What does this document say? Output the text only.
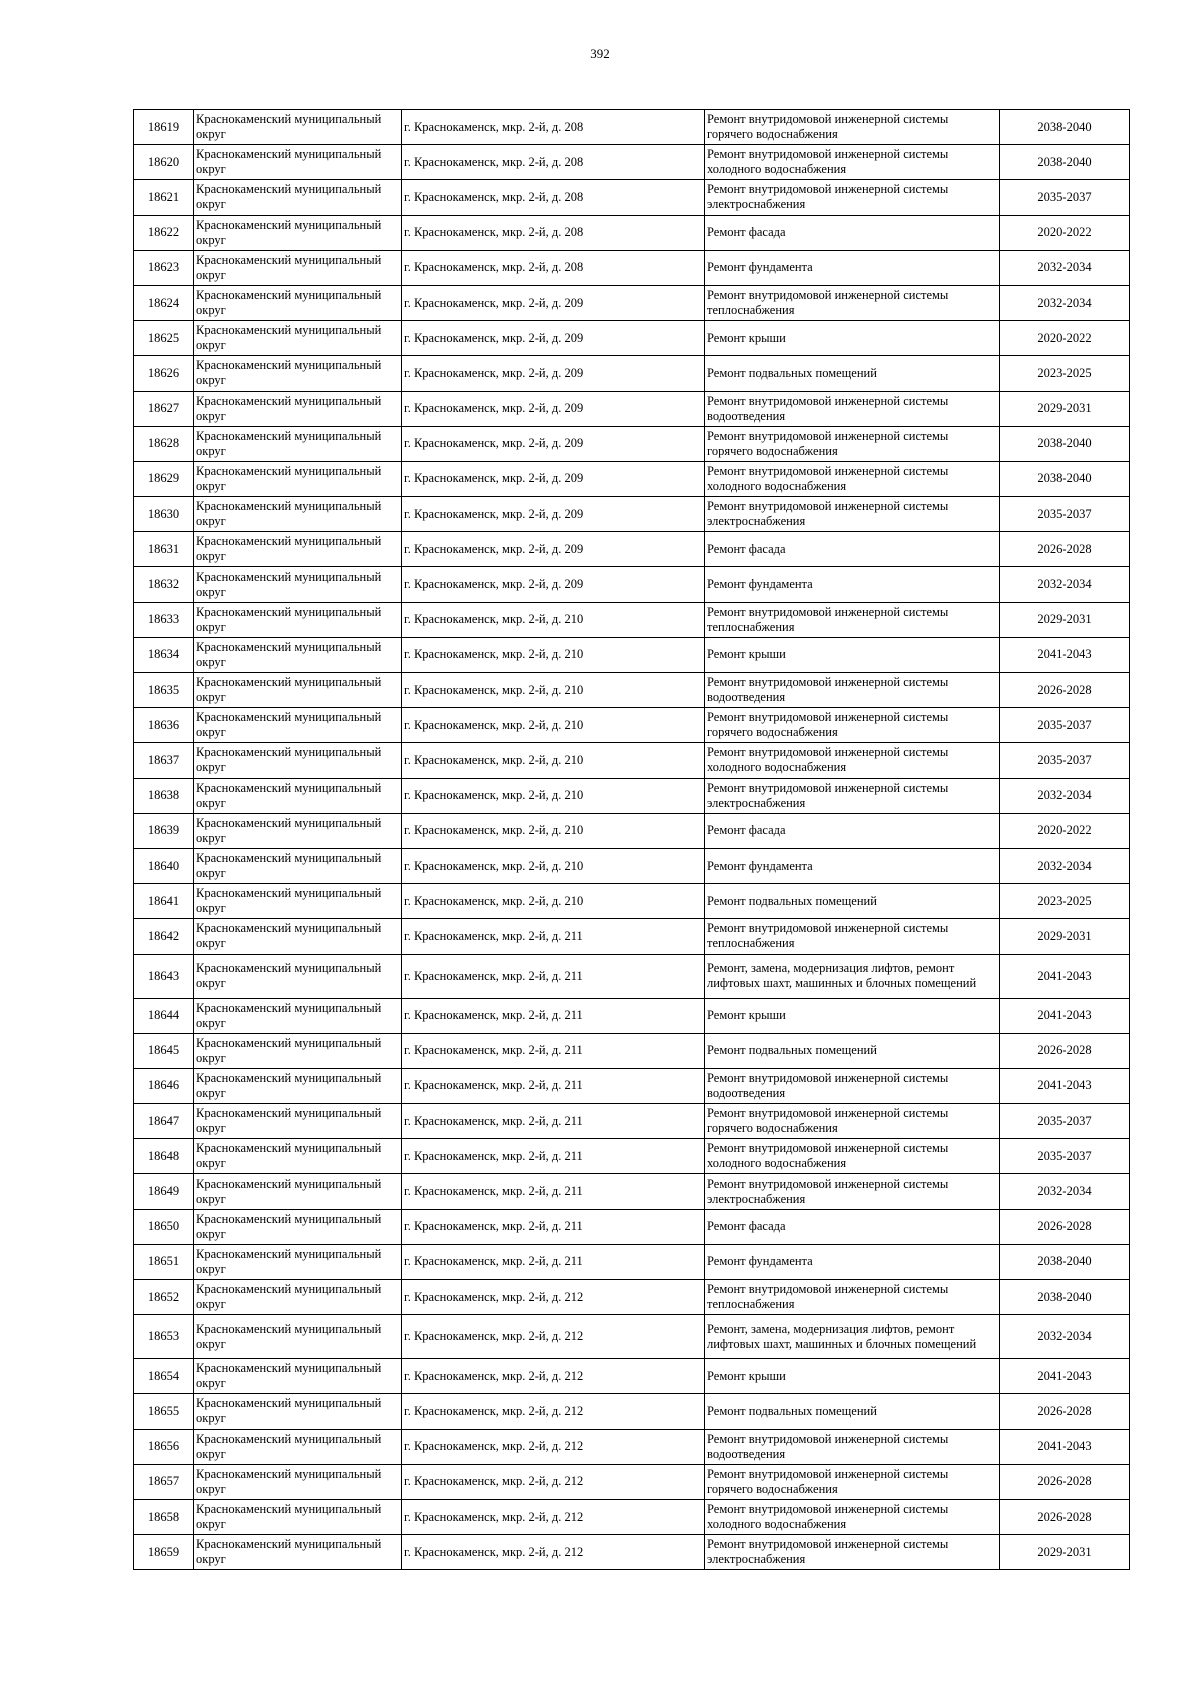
392
18619	Краснокаменский муниципальный округ	г. Краснокаменск, мкр. 2-й, д. 208	Ремонт внутридомовой инженерной системы горячего водоснабжения	2038-2040
18620	Краснокаменский муниципальный округ	г. Краснокаменск, мкр. 2-й, д. 208	Ремонт внутридомовой инженерной системы холодного водоснабжения	2038-2040
18621	Краснокаменский муниципальный округ	г. Краснокаменск, мкр. 2-й, д. 208	Ремонт внутридомовой инженерной системы электроснабжения	2035-2037
18622	Краснокаменский муниципальный округ	г. Краснокаменск, мкр. 2-й, д. 208	Ремонт фасада	2020-2022
18623	Краснокаменский муниципальный округ	г. Краснокаменск, мкр. 2-й, д. 208	Ремонт фундамента	2032-2034
18624	Краснокаменский муниципальный округ	г. Краснокаменск, мкр. 2-й, д. 209	Ремонт внутридомовой инженерной системы теплоснабжения	2032-2034
18625	Краснокаменский муниципальный округ	г. Краснокаменск, мкр. 2-й, д. 209	Ремонт крыши	2020-2022
18626	Краснокаменский муниципальный округ	г. Краснокаменск, мкр. 2-й, д. 209	Ремонт подвальных помещений	2023-2025
18627	Краснокаменский муниципальный округ	г. Краснокаменск, мкр. 2-й, д. 209	Ремонт внутридомовой инженерной системы водоотведения	2029-2031
18628	Краснокаменский муниципальный округ	г. Краснокаменск, мкр. 2-й, д. 209	Ремонт внутридомовой инженерной системы горячего водоснабжения	2038-2040
18629	Краснокаменский муниципальный округ	г. Краснокаменск, мкр. 2-й, д. 209	Ремонт внутридомовой инженерной системы холодного водоснабжения	2038-2040
18630	Краснокаменский муниципальный округ	г. Краснокаменск, мкр. 2-й, д. 209	Ремонт внутридомовой инженерной системы электроснабжения	2035-2037
18631	Краснокаменский муниципальный округ	г. Краснокаменск, мкр. 2-й, д. 209	Ремонт фасада	2026-2028
18632	Краснокаменский муниципальный округ	г. Краснокаменск, мкр. 2-й, д. 209	Ремонт фундамента	2032-2034
18633	Краснокаменский муниципальный округ	г. Краснокаменск, мкр. 2-й, д. 210	Ремонт внутридомовой инженерной системы теплоснабжения	2029-2031
18634	Краснокаменский муниципальный округ	г. Краснокаменск, мкр. 2-й, д. 210	Ремонт крыши	2041-2043
18635	Краснокаменский муниципальный округ	г. Краснокаменск, мкр. 2-й, д. 210	Ремонт внутридомовой инженерной системы водоотведения	2026-2028
18636	Краснокаменский муниципальный округ	г. Краснокаменск, мкр. 2-й, д. 210	Ремонт внутридомовой инженерной системы горячего водоснабжения	2035-2037
18637	Краснокаменский муниципальный округ	г. Краснокаменск, мкр. 2-й, д. 210	Ремонт внутридомовой инженерной системы холодного водоснабжения	2035-2037
18638	Краснокаменский муниципальный округ	г. Краснокаменск, мкр. 2-й, д. 210	Ремонт внутридомовой инженерной системы электроснабжения	2032-2034
18639	Краснокаменский муниципальный округ	г. Краснокаменск, мкр. 2-й, д. 210	Ремонт фасада	2020-2022
18640	Краснокаменский муниципальный округ	г. Краснокаменск, мкр. 2-й, д. 210	Ремонт фундамента	2032-2034
18641	Краснокаменский муниципальный округ	г. Краснокаменск, мкр. 2-й, д. 210	Ремонт подвальных помещений	2023-2025
18642	Краснокаменский муниципальный округ	г. Краснокаменск, мкр. 2-й, д. 211	Ремонт внутридомовой инженерной системы теплоснабжения	2029-2031
18643	Краснокаменский муниципальный округ	г. Краснокаменск, мкр. 2-й, д. 211	Ремонт, замена, модернизация лифтов, ремонт лифтовых шахт, машинных и блочных помещений	2041-2043
18644	Краснокаменский муниципальный округ	г. Краснокаменск, мкр. 2-й, д. 211	Ремонт крыши	2041-2043
18645	Краснокаменский муниципальный округ	г. Краснокаменск, мкр. 2-й, д. 211	Ремонт подвальных помещений	2026-2028
18646	Краснокаменский муниципальный округ	г. Краснокаменск, мкр. 2-й, д. 211	Ремонт внутридомовой инженерной системы водоотведения	2041-2043
18647	Краснокаменский муниципальный округ	г. Краснокаменск, мкр. 2-й, д. 211	Ремонт внутридомовой инженерной системы горячего водоснабжения	2035-2037
18648	Краснокаменский муниципальный округ	г. Краснокаменск, мкр. 2-й, д. 211	Ремонт внутридомовой инженерной системы холодного водоснабжения	2035-2037
18649	Краснокаменский муниципальный округ	г. Краснокаменск, мкр. 2-й, д. 211	Ремонт внутридомовой инженерной системы электроснабжения	2032-2034
18650	Краснокаменский муниципальный округ	г. Краснокаменск, мкр. 2-й, д. 211	Ремонт фасада	2026-2028
18651	Краснокаменский муниципальный округ	г. Краснокаменск, мкр. 2-й, д. 211	Ремонт фундамента	2038-2040
18652	Краснокаменский муниципальный округ	г. Краснокаменск, мкр. 2-й, д. 212	Ремонт внутридомовой инженерной системы теплоснабжения	2038-2040
18653	Краснокаменский муниципальный округ	г. Краснокаменск, мкр. 2-й, д. 212	Ремонт, замена, модернизация лифтов, ремонт лифтовых шахт, машинных и блочных помещений	2032-2034
18654	Краснокаменский муниципальный округ	г. Краснокаменск, мкр. 2-й, д. 212	Ремонт крыши	2041-2043
18655	Краснокаменский муниципальный округ	г. Краснокаменск, мкр. 2-й, д. 212	Ремонт подвальных помещений	2026-2028
18656	Краснокаменский муниципальный округ	г. Краснокаменск, мкр. 2-й, д. 212	Ремонт внутридомовой инженерной системы водоотведения	2041-2043
18657	Краснокаменский муниципальный округ	г. Краснокаменск, мкр. 2-й, д. 212	Ремонт внутридомовой инженерной системы горячего водоснабжения	2026-2028
18658	Краснокаменский муниципальный округ	г. Краснокаменск, мкр. 2-й, д. 212	Ремонт внутридомовой инженерной системы холодного водоснабжения	2026-2028
18659	Краснокаменский муниципальный округ	г. Краснокаменск, мкр. 2-й, д. 212	Ремонт внутридомовой инженерной системы электроснабжения	2029-2031
